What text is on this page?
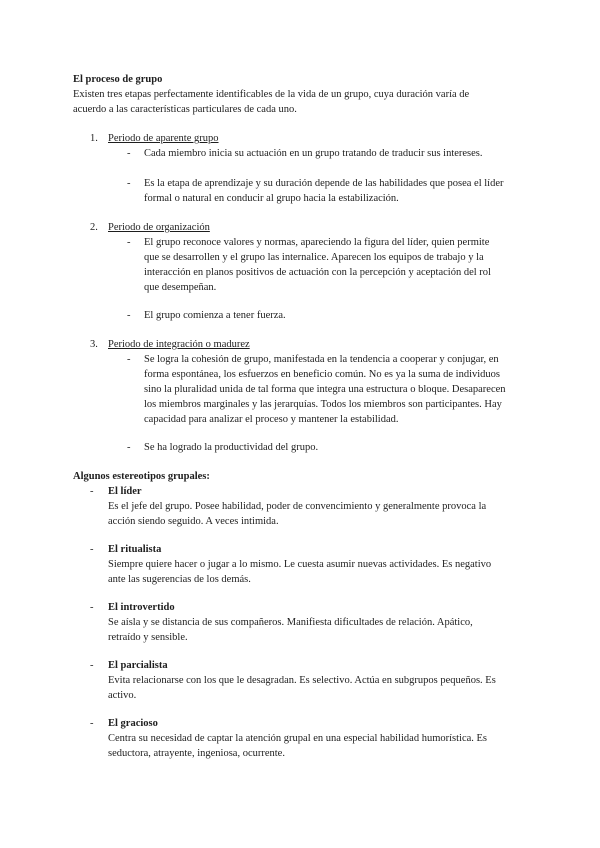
El proceso de grupo
Existen tres etapas perfectamente identificables de la vida de un grupo, cuya duración varía de
acuerdo a las características particulares de cada uno.
1. Periodo de aparente grupo
- Cada miembro inicia su actuación en un grupo tratando de traducir sus intereses.
- Es la etapa de aprendizaje y su duración depende de las habilidades que posea el líder
formal o natural en conducir al grupo hacia la estabilización.
2. Periodo de organización
- El grupo reconoce valores y normas, apareciendo la figura del líder, quien permite
que se desarrollen y el grupo las internalice. Aparecen los equipos de trabajo y la
interacción en planos positivos de actuación con la percepción y aceptación del rol
que desempeñan.
- El grupo comienza a tener fuerza.
3. Periodo de integración o madurez
- Se logra la cohesión de grupo, manifestada en la tendencia a cooperar y conjugar, en
forma espontánea, los esfuerzos en beneficio común. No es ya la suma de individuos
sino la pluralidad unida de tal forma que integra una estructura o bloque. Desaparecen
los miembros marginales y las jerarquías. Todos los miembros son participantes. Hay
capacidad para analizar el proceso y mantener la estabilidad.
- Se ha logrado la productividad del grupo.
Algunos estereotipos grupales:
- El líder
Es el jefe del grupo. Posee habilidad, poder de convencimiento y generalmente provoca la
acción siendo seguido. A veces intimida.
- El ritualista
Siempre quiere hacer o jugar a lo mismo. Le cuesta asumir nuevas actividades. Es negativo
ante las sugerencias de los demás.
- El introvertido
Se aísla y se distancia de sus compañeros. Manifiesta dificultades de relación. Apático,
retraído y sensible.
- El parcialista
Evita relacionarse con los que le desagradan. Es selectivo. Actúa en subgrupos pequeños. Es
activo.
- El gracioso
Centra su necesidad de captar la atención grupal en una especial habilidad humorística. Es
seductora, atrayente, ingeniosa, ocurrente.
